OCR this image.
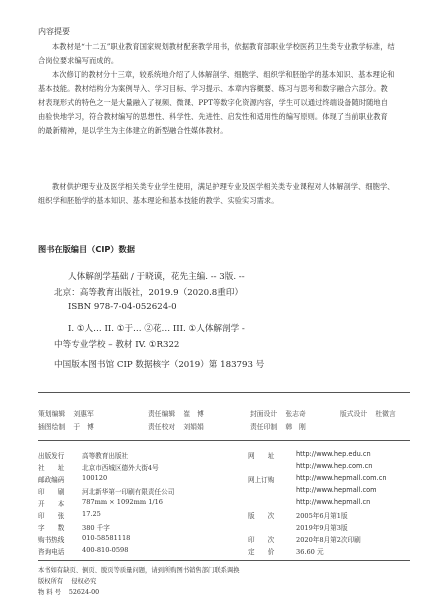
内容提要
本教材是“十二五”职业教育国家规划教材配套教学用书，依据教育部职业学校医药卫生类专业教学标准，结合岗位要求编写而成的。
本次修订的教材分十三章，较系统地介绍了人体解剖学、细胞学、组织学和胚胎学的基本知识、基本理论和基本技能。教材结构分为案例导入、学习目标、学习提示、本章内容概要、练习与思考和数字融合六部分。教材表现形式的特色之一是大量融入了视频、微课、PPT等数字化资源内容，学生可以通过终端设备随时随地自由验快地学习，符合教材编写的思想性、科学性、先进性、启发性和适用性的编写原则。体现了当前职业教育的最新精神，是以学生为主体建立的新型融合性媒体教材。
教材供护理专业及医学相关类专业学生使用，满足护理专业及医学相关类专业课程对人体解剖学、细胞学、组织学和胚胎学的基本知识、基本理论和基本技能的教学、实验实习需求。
图书在版编目（CIP）数据
人体解剖学基础 / 于晓谟，花先主编. -- 3版. --
北京：高等教育出版社，2019.9（2020.8重印）
ISBN 978-7-04-052624-0
I. ①人… II. ①于… ②花… III. ①人体解剖学 -
中等专业学校 – 教材 IV. ①R322
中国版本图书馆 CIP 数据核字（2019）第 183793 号
策划编辑 刘惠军	责任编辑 崔　博	封面设计 张志奇	版式设计 杜微言
插图绘制 于　博	责任校对 刘娟娟	责任印制 韩　刚
出版发行	高等教育出版社
社　　址	北京市西城区德外大街4号
邮政编码	100120
印　　刷	河北新华第一印刷有限责任公司
开　　本	787mm × 1092mm 1/16
印　　张	17.25
字　　数	380 千字
购书热线	010-58581118
咨询电话	400-810-0598
网　　址	http://www.hep.edu.cn
http://www.hep.com.cn
网上订购	http://www.hepmall.com.cn
http://www.hepmall.com
http://www.hepmall.cn
版　　次	2005年6月第1版
2019年9月第3版
印　　次	2020年8月第2次印刷
定　　价	36.60 元
本书如有缺页、倒页、脱页等质量问题，请到所购图书销售部门联系调换
版权所有 侵权必究
物 料 号 52624-00
